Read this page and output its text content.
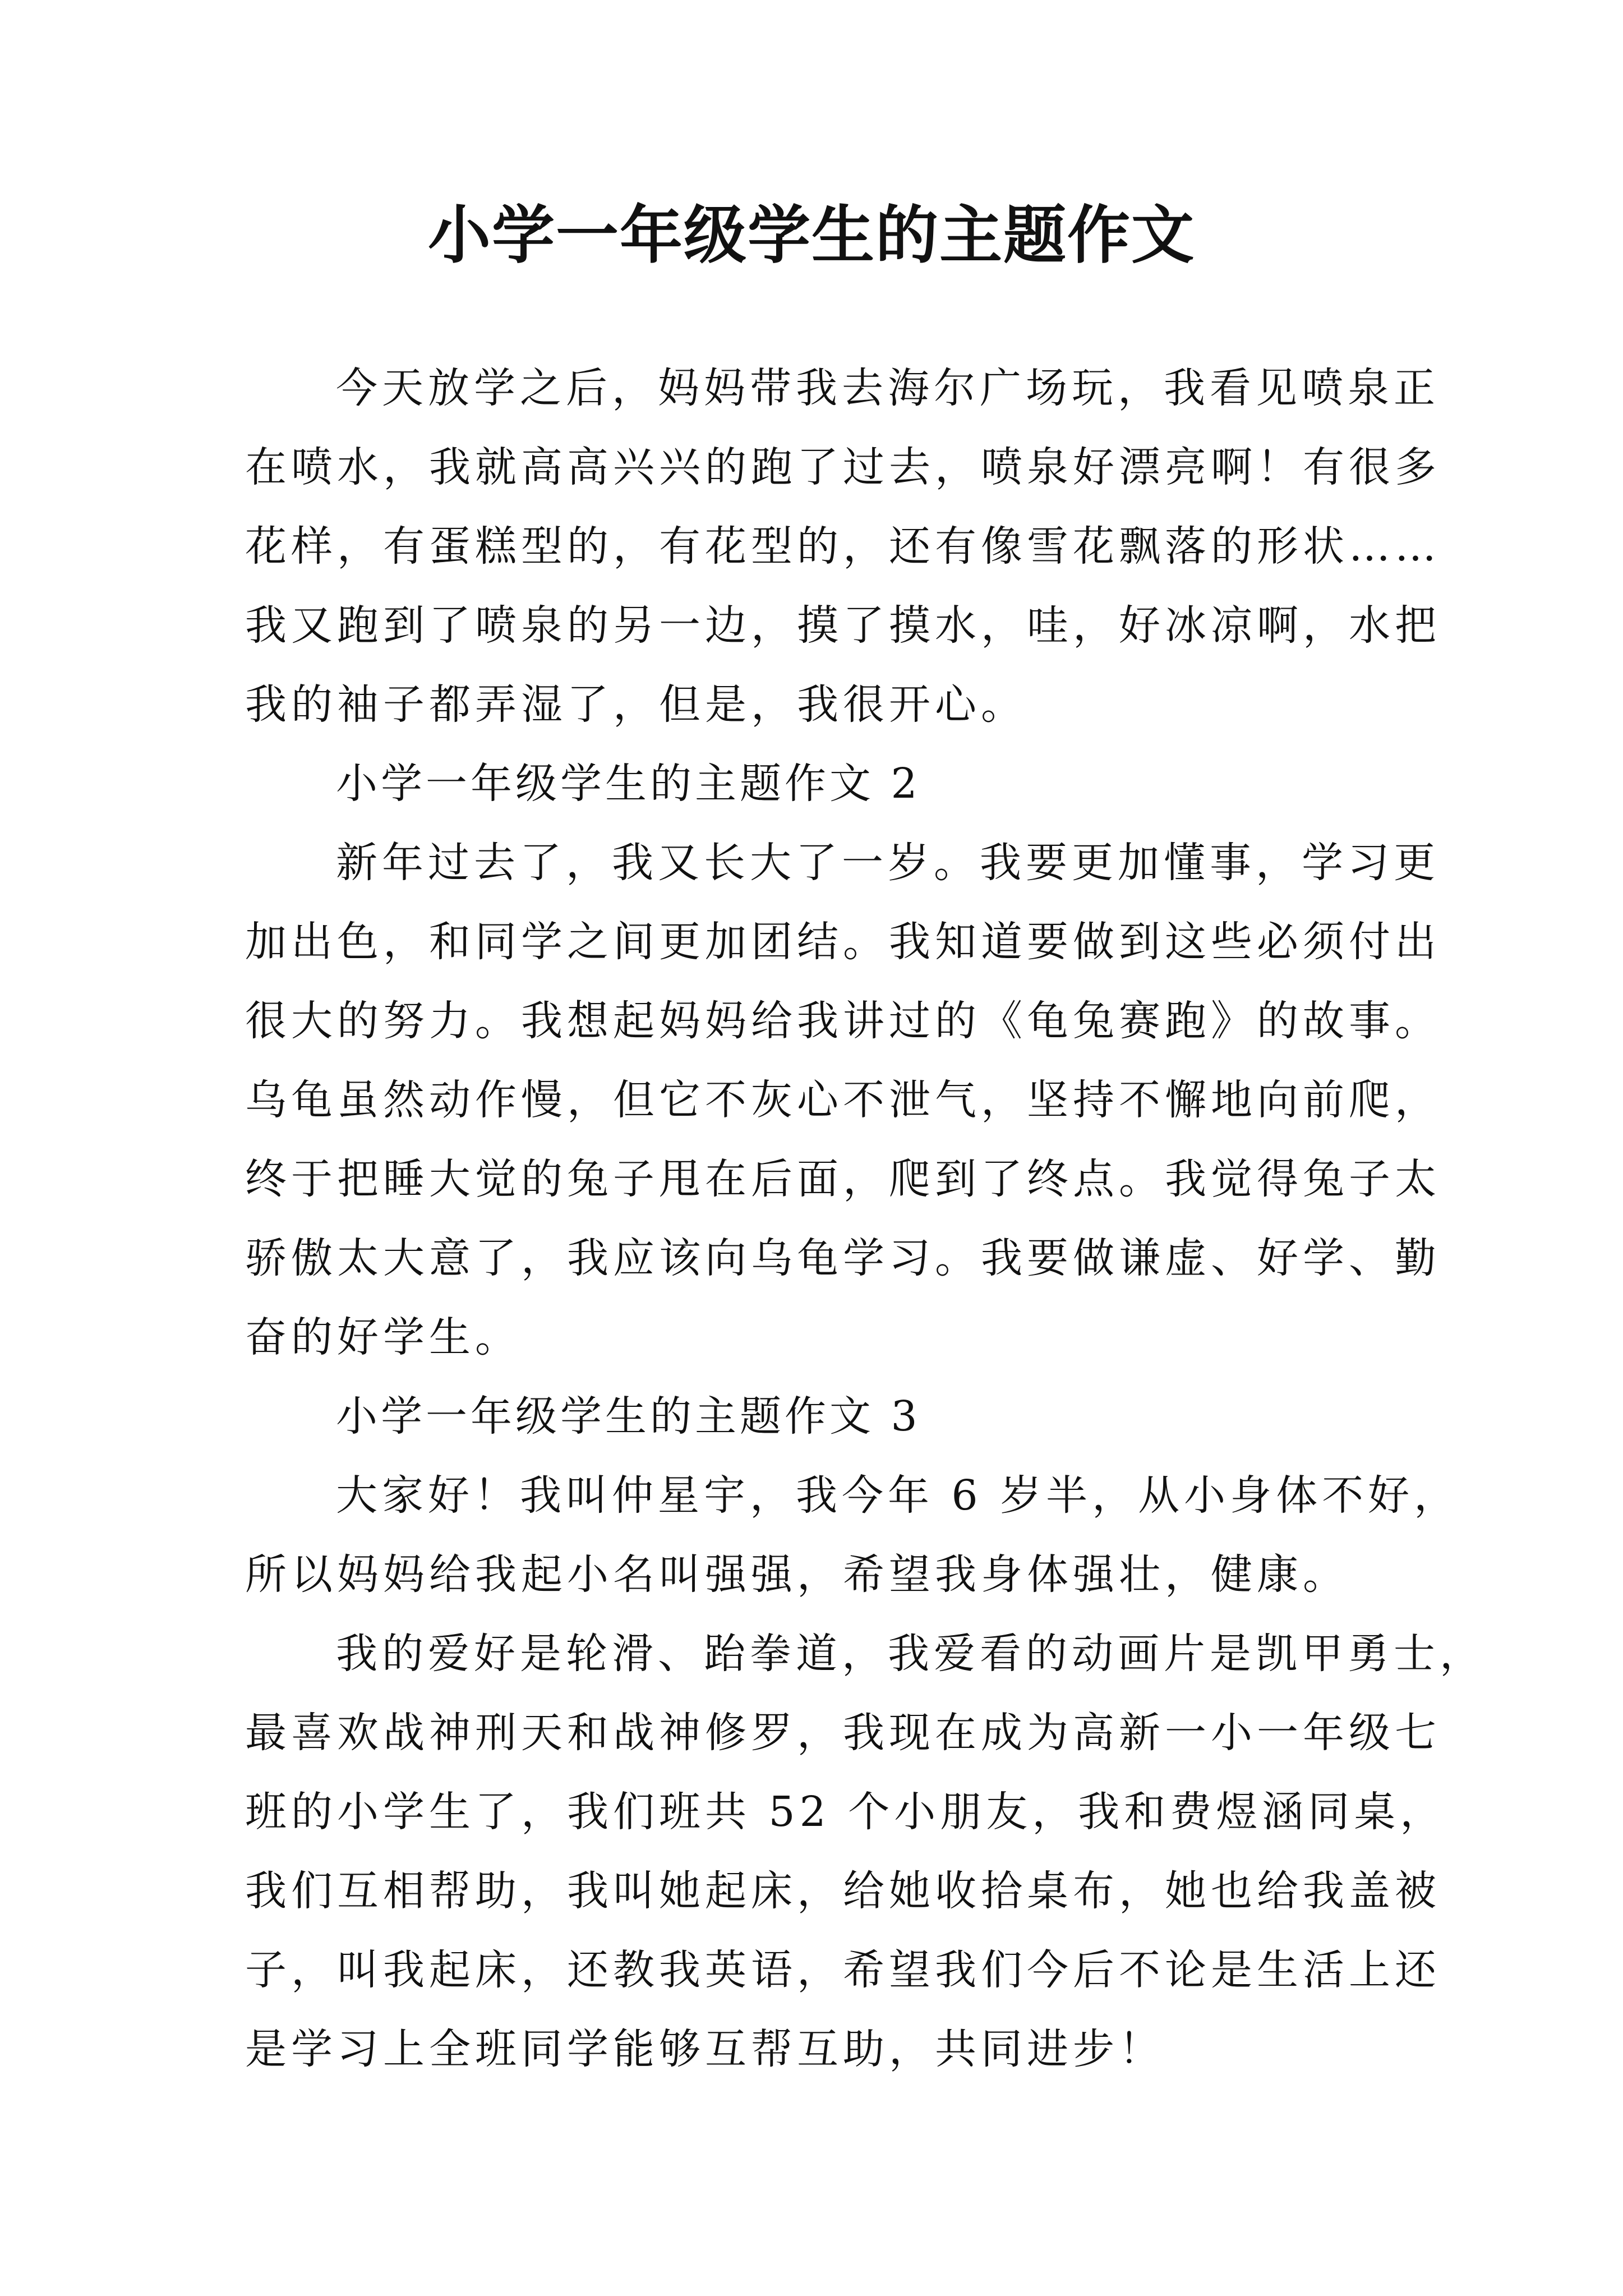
小学一年级学生的主题作文
今天放学之后，妈妈带我去海尔广场玩，我看见喷泉正
在喷水，我就高高兴兴的跑了过去，喷泉好漂亮啊！有很多
花样，有蛋糕型的，有花型的，还有像雪花飘落的形状……
我又跑到了喷泉的另一边，摸了摸水，哇，好冰凉啊，水把
我的袖子都弄湿了，但是，我很开心。
小学一年级学生的主题作文 2
新年过去了，我又长大了一岁。我要更加懂事，学习更
加出色，和同学之间更加团结。我知道要做到这些必须付出
很大的努力。我想起妈妈给我讲过的《龟兔赛跑》的故事。
乌龟虽然动作慢，但它不灰心不泄气，坚持不懈地向前爬，
终于把睡大觉的兔子甩在后面，爬到了终点。我觉得兔子太
骄傲太大意了，我应该向乌龟学习。我要做谦虚、好学、勤
奋的好学生。
小学一年级学生的主题作文 3
大家好！我叫仲星宇，我今年 6 岁半，从小身体不好，
所以妈妈给我起小名叫强强，希望我身体强壮，健康。
我的爱好是轮滑、跆拳道，我爱看的动画片是凯甲勇士，
最喜欢战神刑天和战神修罗，我现在成为高新一小一年级七
班的小学生了，我们班共 52 个小朋友，我和费煜涵同桌，
我们互相帮助，我叫她起床，给她收拾桌布，她也给我盖被
子，叫我起床，还教我英语，希望我们今后不论是生活上还
是学习上全班同学能够互帮互助，共同进步！
